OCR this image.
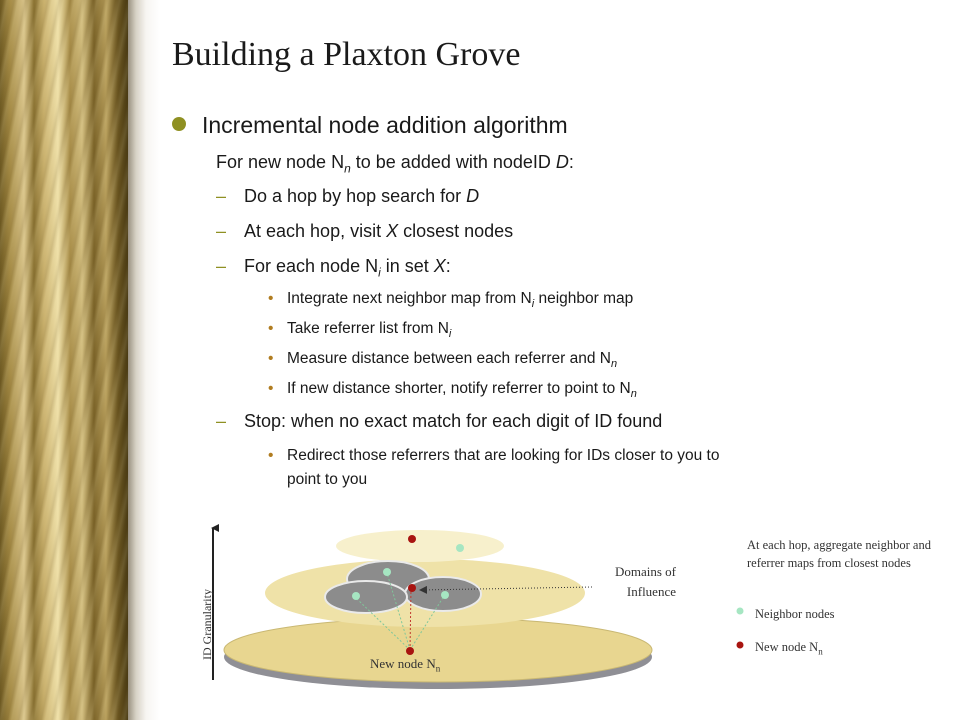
Building a Plaxton Grove
Incremental node addition algorithm
For new node $N_n$ to be added with nodeID D:
– Do a hop by hop search for D
– At each hop, visit X closest nodes
– For each node $N_i$ in set X:
• Integrate next neighbor map from $N_i$ neighbor map
• Take referrer list from $N_i$
• Measure distance between each referrer and $N_n$
• If new distance shorter, notify referrer to point to $N_n$
– Stop: when no exact match for each digit of ID found
• Redirect those referrers that are looking for IDs closer to you to
point to you
ID Granularity
Domains of
Influence
New node $N_n$
At each hop, aggregate neighbor and referrer maps from closest nodes
Neighbor nodes
New node $N_n$
